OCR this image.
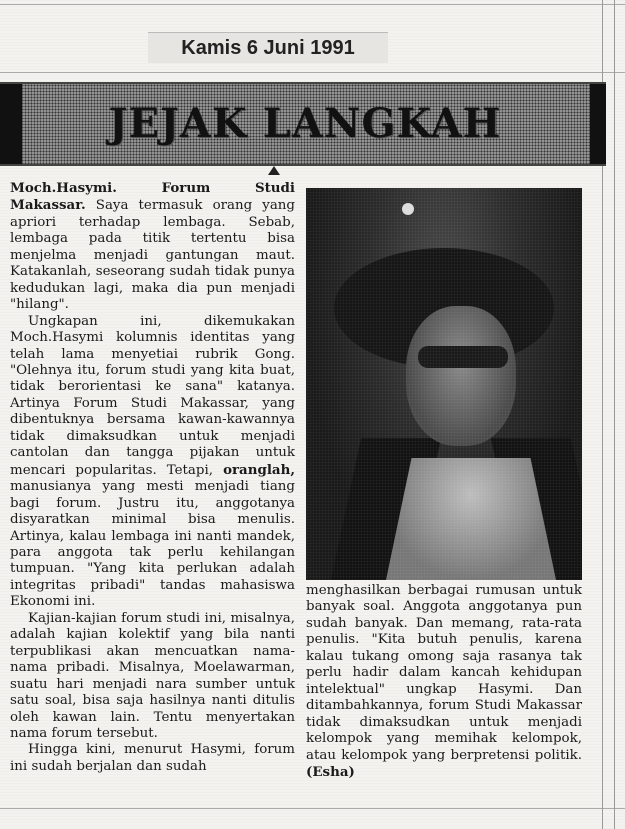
Kamis 6 Juni 1991
JEJAK LANGKAH

Moch.Hasymi. Forum Studi Makassar. Saya termasuk orang yang apriori terhadap lembaga. Sebab, lembaga pada titik tertentu bisa menjelma menjadi gantungan maut. Katakanlah, seseorang sudah tidak punya kedudukan lagi, maka dia pun menjadi "hilang".

Ungkapan ini, dikemukakan Moch.Hasymi kolumnis identitas yang telah lama menyetiai rubrik Gong. "Olehnya itu, forum studi yang kita buat, tidak berorientasi ke sana" katanya. Artinya Forum Studi Makassar, yang dibentuknya bersama kawan-kawannya tidak dimaksudkan untuk menjadi cantolan dan tangga pijakan untuk mencari popularitas. Tetapi, oranglah, manusianya yang mesti menjadi tiang bagi forum. Justru itu, anggotanya disyaratkan minimal bisa menulis. Artinya, kalau lembaga ini nanti mandek, para anggota tak perlu kehilangan tumpuan. "Yang kita perlukan adalah integritas pribadi" tandas mahasiswa Ekonomi ini.

Kajian-kajian forum studi ini, misalnya, adalah kajian kolektif yang bila nanti terpublikasi akan mencuatkan nama-nama pribadi. Misalnya, Moelawarman, suatu hari menjadi nara sumber untuk satu soal, bisa saja hasilnya nanti ditulis oleh kawan lain. Tentu menyertakan nama forum tersebut.

Hingga kini, menurut Hasymi, forum ini sudah berjalan dan sudah

menghasilkan berbagai rumusan untuk banyak soal. Anggota anggotanya pun sudah banyak. Dan memang, rata-rata penulis. "Kita butuh penulis, karena kalau tukang omong saja rasanya tak perlu hadir dalam kancah kehidupan intelektual" ungkap Hasymi. Dan ditambahkannya, forum Studi Makassar tidak dimaksudkan untuk menjadi kelompok yang memihak kelompok, atau kelompok yang berpretensi politik.(Esha)
